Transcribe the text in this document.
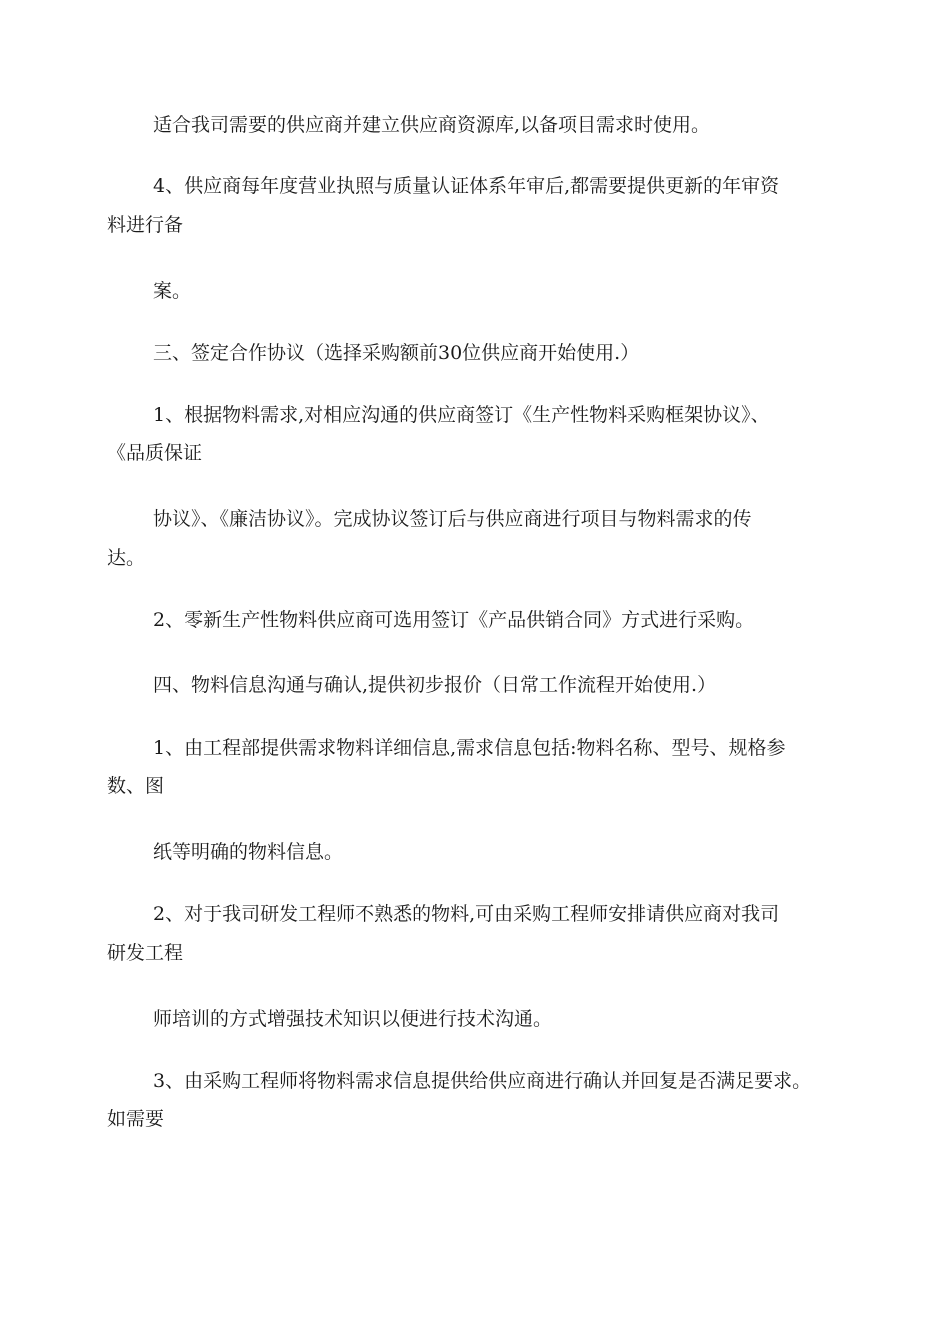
适合我司需要的供应商并建立供应商资源库,以备项目需求时使用。
4、供应商每年度营业执照与质量认证体系年审后,都需要提供更新的年审资
料进行备
案。
三、签定合作协议（选择采购额前30位供应商开始使用.）
1、根据物料需求,对相应沟通的供应商签订《生产性物料采购框架协议》、
《品质保证
协议》、《廉洁协议》。完成协议签订后与供应商进行项目与物料需求的传
达。
2、零新生产性物料供应商可选用签订《产品供销合同》方式进行采购。
四、物料信息沟通与确认,提供初步报价（日常工作流程开始使用.）
1、由工程部提供需求物料详细信息,需求信息包括:物料名称、型号、规格参
数、图
纸等明确的物料信息。
2、对于我司研发工程师不熟悉的物料,可由采购工程师安排请供应商对我司
研发工程
师培训的方式增强技术知识以便进行技术沟通。
3、由采购工程师将物料需求信息提供给供应商进行确认并回复是否满足要求。
如需要
